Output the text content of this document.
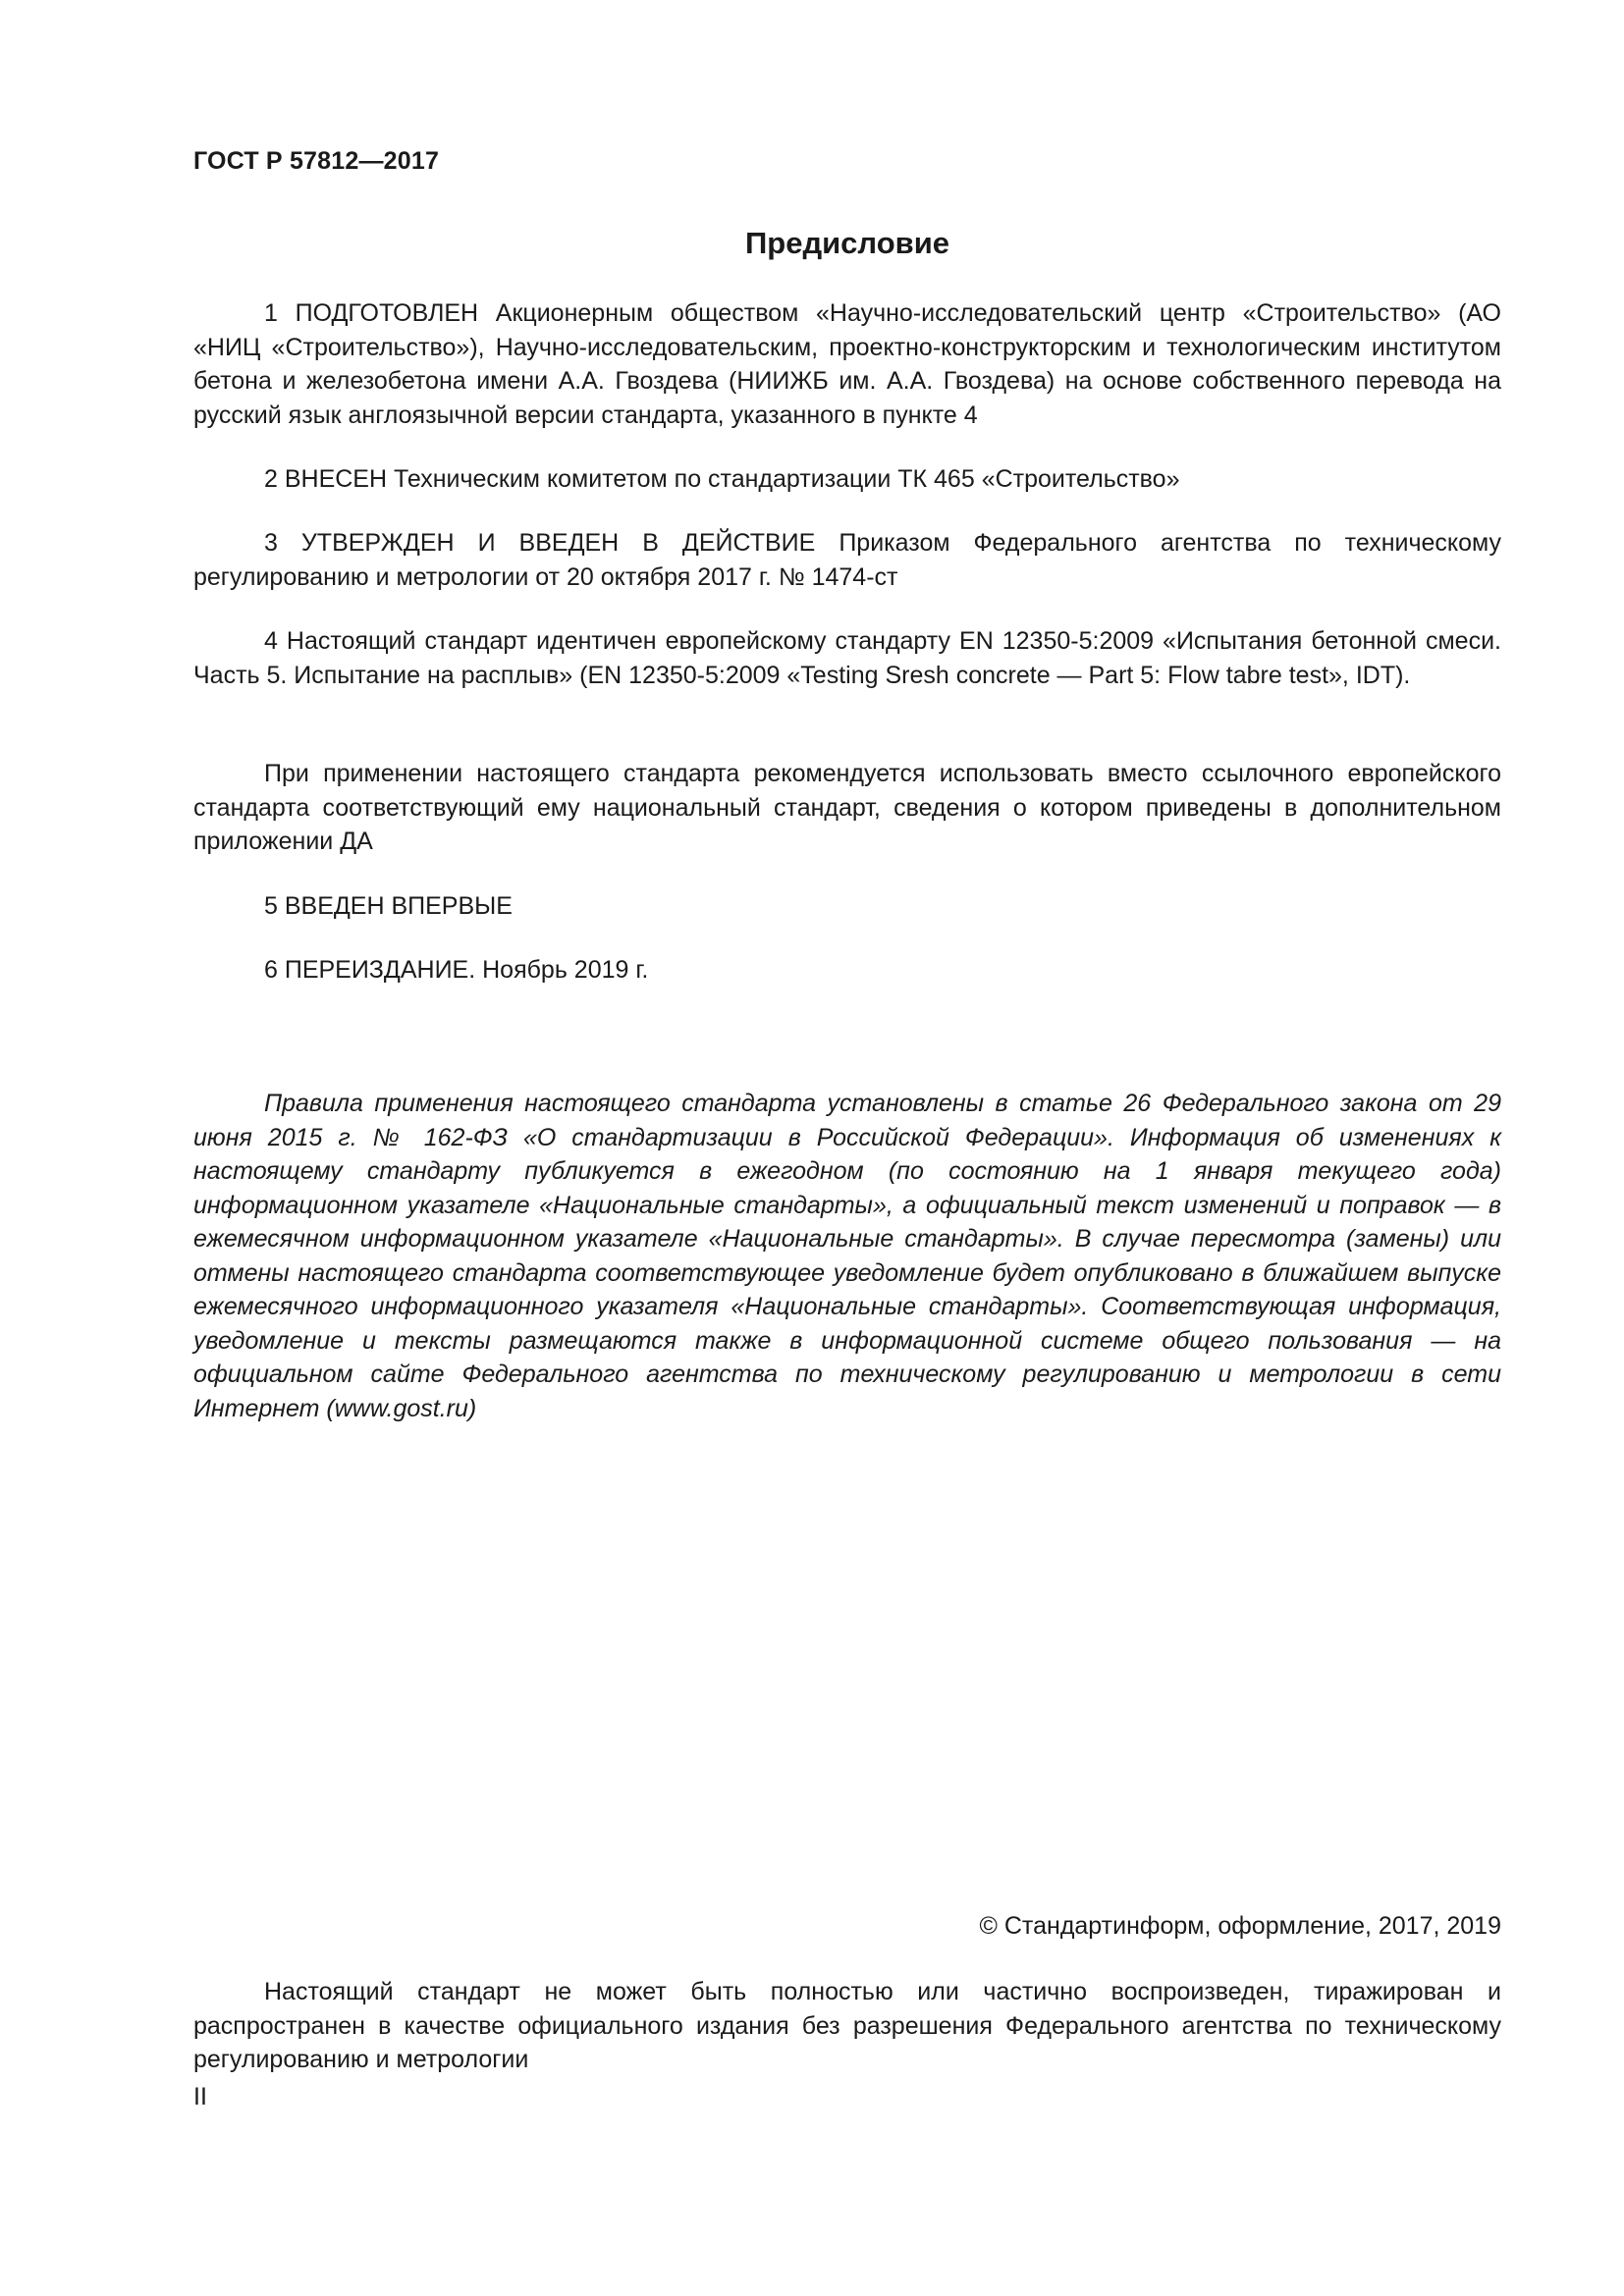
ГОСТ Р 57812—2017
Предисловие

1 ПОДГОТОВЛЕН Акционерным обществом «Научно-исследовательский центр «Строительство» (АО «НИЦ «Строительство»), Научно-исследовательским, проектно-конструкторским и технологическим институтом бетона и железобетона имени А.А. Гвоздева (НИИЖБ им. А.А. Гвоздева) на основе собственного перевода на русский язык англоязычной версии стандарта, указанного в пункте 4

2 ВНЕСЕН Техническим комитетом по стандартизации ТК 465 «Строительство»

3 УТВЕРЖДЕН И ВВЕДЕН В ДЕЙСТВИЕ Приказом Федерального агентства по техническому регулированию и метрологии от 20 октября 2017 г. № 1474-ст

4 Настоящий стандарт идентичен европейскому стандарту EN 12350-5:2009 «Испытания бетонной смеси. Часть 5. Испытание на расплыв» (EN 12350-5:2009 «Testing Sresh concrete — Part 5: Flow tabre test», IDT).

При применении настоящего стандарта рекомендуется использовать вместо ссылочного европейского стандарта соответствующий ему национальный стандарт, сведения о котором приведены в дополнительном приложении ДА

5 ВВЕДЕН ВПЕРВЫЕ

6 ПЕРЕИЗДАНИЕ. Ноябрь 2019 г.

Правила применения настоящего стандарта установлены в статье 26 Федерального закона от 29 июня 2015 г. № 162-ФЗ «О стандартизации в Российской Федерации». Информация об изменениях к настоящему стандарту публикуется в ежегодном (по состоянию на 1 января текущего года) информационном указателе «Национальные стандарты», а официальный текст изменений и поправок — в ежемесячном информационном указателе «Национальные стандарты». В случае пересмотра (замены) или отмены настоящего стандарта соответствующее уведомление будет опубликовано в ближайшем выпуске ежемесячного информационного указателя «Национальные стандарты». Соответствующая информация, уведомление и тексты размещаются также в информационной системе общего пользования — на официальном сайте Федерального агентства по техническому регулированию и метрологии в сети Интернет (www.gost.ru)

© Стандартинформ, оформление, 2017, 2019

Настоящий стандарт не может быть полностью или частично воспроизведен, тиражирован и распространен в качестве официального издания без разрешения Федерального агентства по техническому регулированию и метрологии

II
